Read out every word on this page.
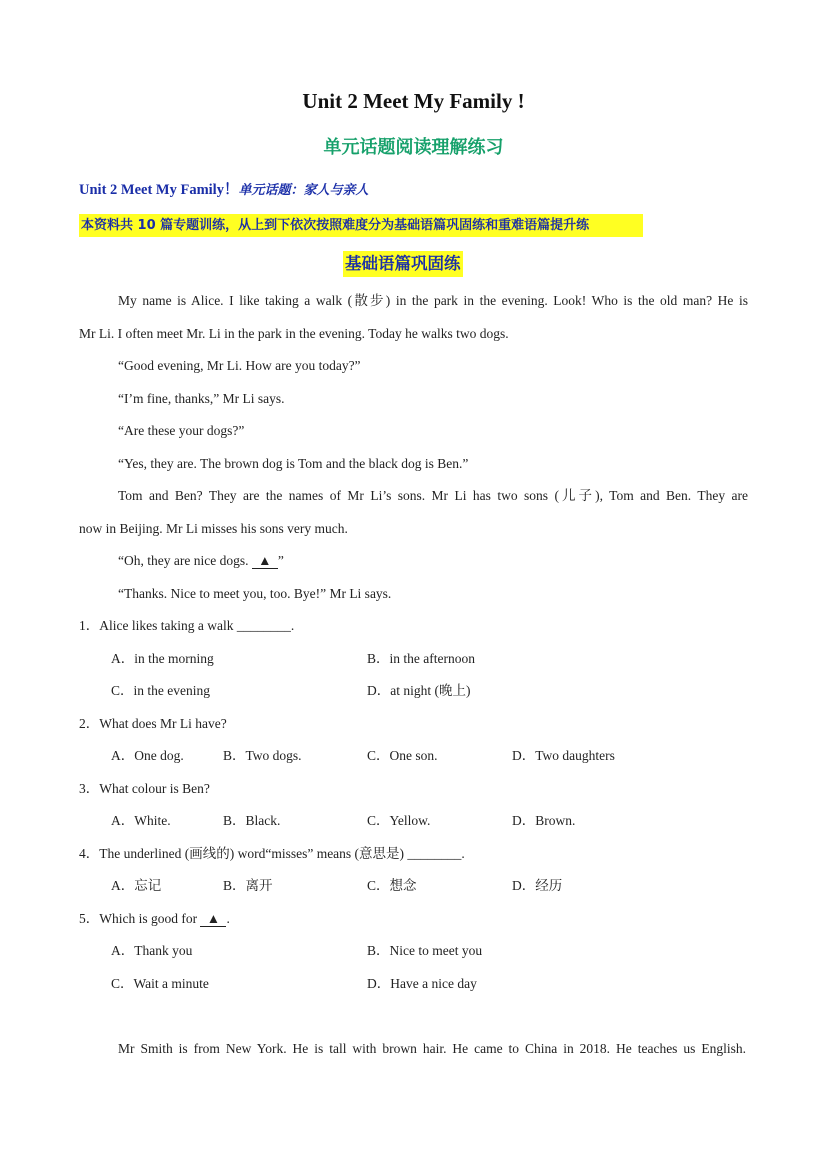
Unit 2 Meet My Family !
单元话题阅读理解练习
Unit 2 Meet My Family！单元话题：家人与亲人
本资料共 10 篇专题训练，从上到下依次按照难度分为基础语篇巩固练和重难语篇提升练
基础语篇巩固练
My name is Alice. I like taking a walk (散步) in the park in the evening. Look! Who is the old man? He is
Mr Li. I often meet Mr. Li in the park in the evening. Today he walks two dogs.
“Good evening, Mr Li. How are you today?”
“I’m fine, thanks,” Mr Li says.
“Are these your dogs?”
“Yes, they are. The brown dog is Tom and the black dog is Ben.”
Tom and Ben? They are the names of Mr Li’s sons. Mr Li has two sons (儿子), Tom and Ben. They are
now in Beijing. Mr Li misses his sons very much.
“Oh, they are nice dogs. ▲ ”
“Thanks. Nice to meet you, too. Bye!” Mr Li says.
1．Alice likes taking a walk ________.
A．in the morning	B．in the afternoon
C．in the evening	D．at night (晚上)
2．What does Mr Li have?
A．One dog.	B．Two dogs.	C．One son.	D．Two daughters
3．What colour is Ben?
A．White.	B．Black.	C．Yellow.	D．Brown.
4．The underlined (画线的) word“misses” means (意思是) ________.
A．忘记	B．离开	C．想念	D．经历
5．Which is good for ▲ .
A．Thank you	B．Nice to meet you
C．Wait a minute	D．Have a nice day
Mr Smith is from New York. He is tall with brown hair. He came to China in 2018. He teaches us English.
